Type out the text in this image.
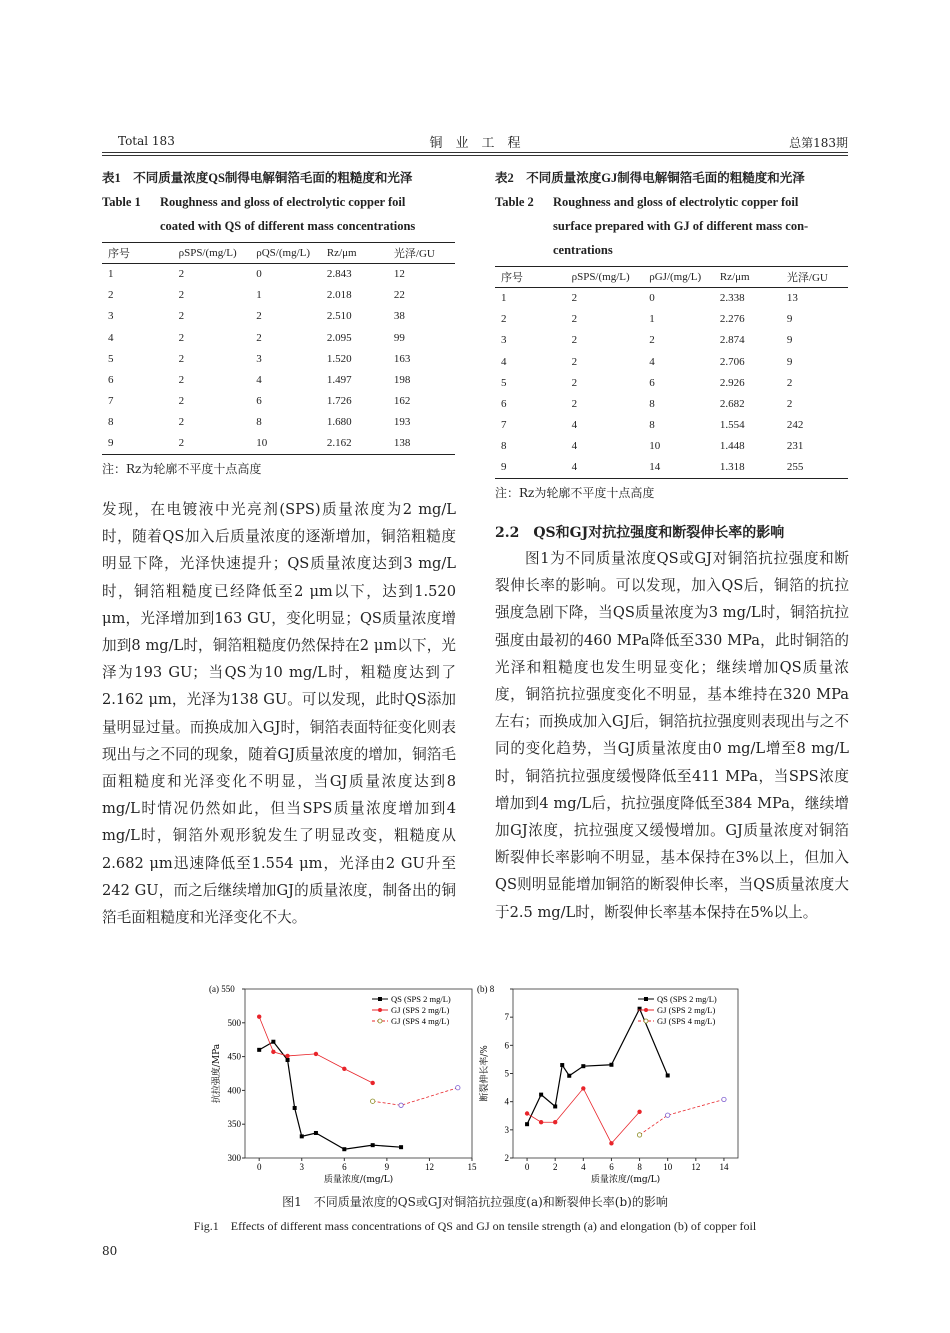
Total 183	铜　业　工　程	总第183期
表1　不同质量浓度QS制得电解铜箔毛面的粗糙度和光泽
Table 1 Roughness and gloss of electrolytic copper foil
coated with QS of different mass concentrations
序号	ρSPS/(mg/L)	ρQS/(mg/L)	Rz/μm	光泽/GU
1	2	0	2.843	12
2	2	1	2.018	22
3	2	2	2.510	38
4	2	2	2.095	99
5	2	3	1.520	163
6	2	4	1.497	198
7	2	6	1.726	162
8	2	8	1.680	193
9	2	10	2.162	138
注：Rz为轮廓不平度十点高度
表2　不同质量浓度GJ制得电解铜箔毛面的粗糙度和光泽
Table 2 Roughness and gloss of electrolytic copper foil
surface prepared with GJ of different mass con-
centrations
序号	ρSPS/(mg/L)	ρGJ/(mg/L)	Rz/μm	光泽/GU
1	2	0	2.338	13
2	2	1	2.276	9
3	2	2	2.874	9
4	2	4	2.706	9
5	2	6	2.926	2
6	2	8	2.682	2
7	4	8	1.554	242
8	4	10	1.448	231
9	4	14	1.318	255
注：Rz为轮廓不平度十点高度
发现，在电镀液中光亮剂(SPS)质量浓度为2 mg/L时，随着QS加入后质量浓度的逐渐增加，铜箔粗糙度明显下降，光泽快速提升；QS质量浓度达到3 mg/L时，铜箔粗糙度已经降低至2 μm以下，达到1.520 μm，光泽增加到163 GU，变化明显；QS质量浓度增加到8 mg/L时，铜箔粗糙度仍然保持在2 μm以下，光泽为193 GU；当QS为10 mg/L时，粗糙度达到了2.162 μm，光泽为138 GU。可以发现，此时QS添加量明显过量。而换成加入GJ时，铜箔表面特征变化则表现出与之不同的现象，随着GJ质量浓度的增加，铜箔毛面粗糙度和光泽变化不明显，当GJ质量浓度达到8 mg/L时情况仍然如此，但当SPS质量浓度增加到4 mg/L时，铜箔外观形貌发生了明显改变，粗糙度从2.682 μm迅速降低至1.554 μm，光泽由2 GU升至242 GU，而之后继续增加GJ的质量浓度，制备出的铜箔毛面粗糙度和光泽变化不大。
2.2　QS和GJ对抗拉强度和断裂伸长率的影响
图1为不同质量浓度QS或GJ对铜箔抗拉强度和断裂伸长率的影响。可以发现，加入QS后，铜箔的抗拉强度急剧下降，当QS质量浓度为3 mg/L时，铜箔抗拉强度由最初的460 MPa降低至330 MPa，此时铜箔的光泽和粗糙度也发生明显变化；继续增加QS质量浓度，铜箔抗拉强度变化不明显，基本维持在320 MPa左右；而换成加入GJ后，铜箔抗拉强度则表现出与之不同的变化趋势，当GJ质量浓度由0 mg/L增至8 mg/L时，铜箔抗拉强度缓慢降低至411 MPa，当SPS浓度增加到4 mg/L后，抗拉强度降低至384 MPa，继续增加GJ浓度，抗拉强度又缓慢增加。GJ质量浓度对铜箔断裂伸长率影响不明显，基本保持在3%以上，但加入QS则明显能增加铜箔的断裂伸长率，当QS质量浓度大于2.5 mg/L时，断裂伸长率基本保持在5%以上。
0	3	6	9	12	15
300
350
400
450
500
(a) 550
质量浓度/(mg/L)
抗拉强度/MPa
QS (SPS 2 mg/L)
GJ (SPS 2 mg/L)
GJ (SPS 4 mg/L)
0	2	4	6	8 10 12 14
2
3
4
5
6
7
(b) 8
质量浓度/(mg/L)
断裂伸长率/%
QS (SPS 2 mg/L)
GJ (SPS 2 mg/L)
GJ (SPS 4 mg/L)
图1　不同质量浓度的QS或GJ对铜箔抗拉强度(a)和断裂伸长率(b)的影响
Fig.1　Effects of different mass concentrations of QS and GJ on tensile strength (a) and elongation (b) of copper foil
80
